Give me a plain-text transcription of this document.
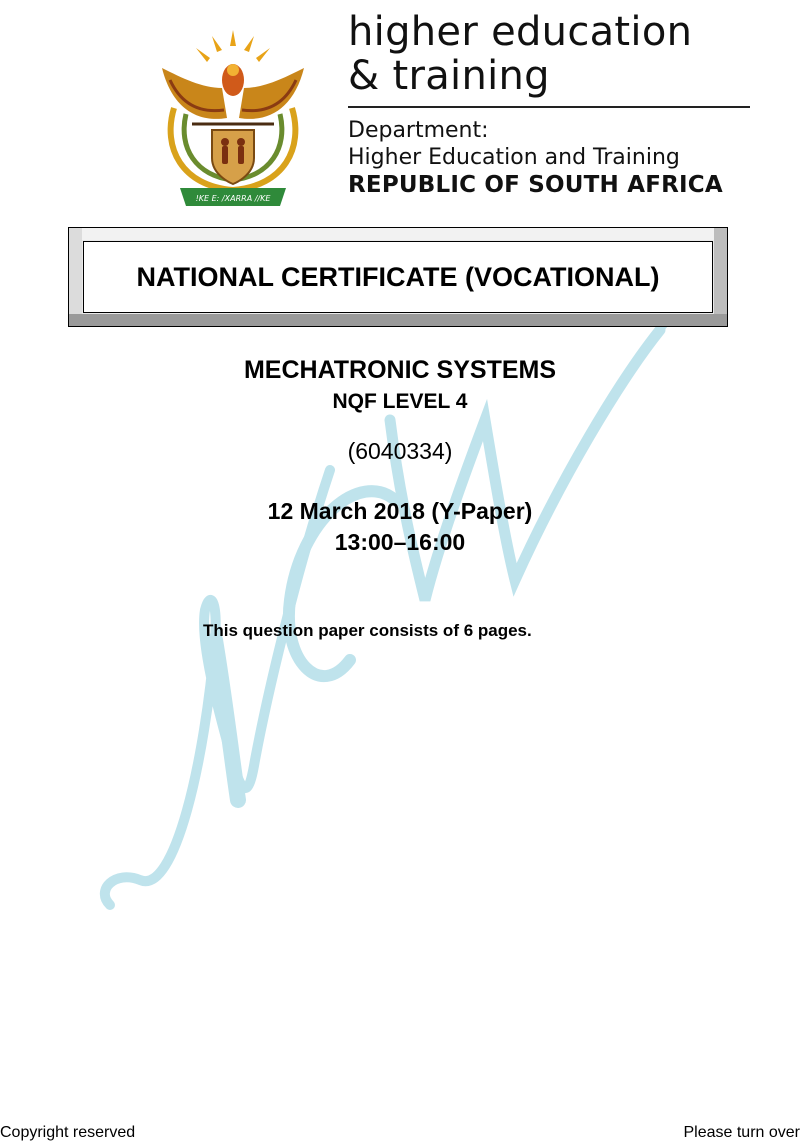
!KE E: /XARRA //KE
higher education
& training
Department:
Higher Education and Training
REPUBLIC OF SOUTH AFRICA
NATIONAL CERTIFICATE (VOCATIONAL)
MECHATRONIC SYSTEMS
NQF LEVEL 4
(6040334)
12 March 2018 (Y-Paper)
13:00–16:00
This question paper consists of 6 pages.
Copyright reserved	Please turn over
